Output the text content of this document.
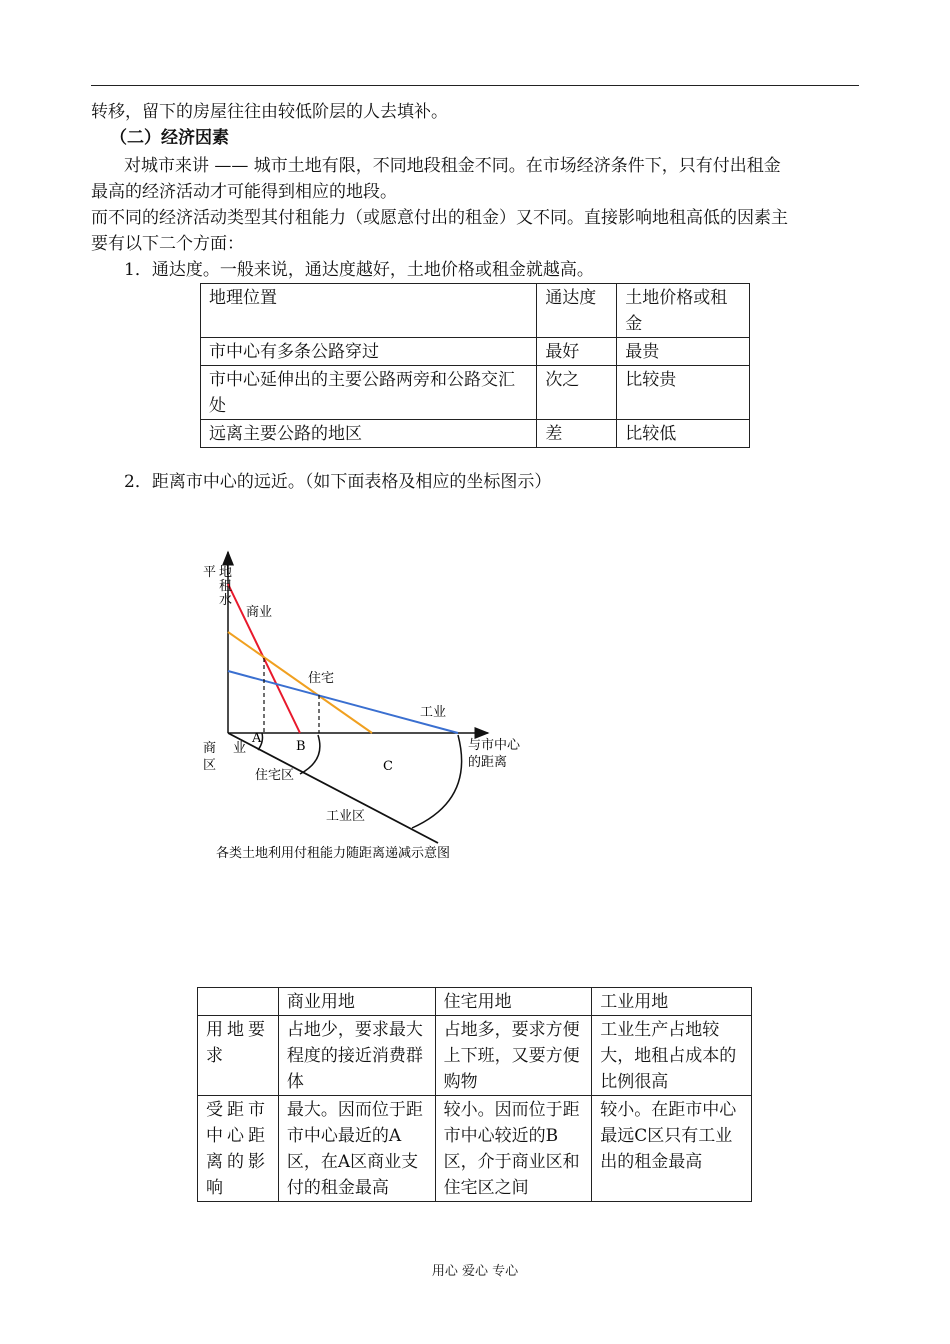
转移，留下的房屋往往由较低阶层的人去填补。
（二）经济因素
对城市来讲 —— 城市土地有限，不同地段租金不同。在市场经济条件下，只有付出租金
最高的经济活动才可能得到相应的地段。
而不同的经济活动类型其付租能力（或愿意付出的租金）又不同。直接影响地租高低的因素主
要有以下二个方面：
1．通达度。一般来说，通达度越好，土地价格或租金就越高。
地理位置	通达度	土地价格或租金
市中心有多条公路穿过	最好	最贵
市中心延伸出的主要公路两旁和公路交汇处	次之	比较贵
远离主要公路的地区	差	比较低
2．距离市中心的远近。（如下面表格及相应的坐标图示）
平 地 租水
商业
住宅
工业
与市中心
的距离
A
B
C
商 业
区
住宅区
工业区
各类土地利用付租能力随距离递减示意图
	商业用地	住宅用地	工业用地
用地要求	占地少，要求最大程度的接近消费群体	占地多，要求方便上下班，又要方便购物	工业生产占地较大，地租占成本的比例很高
受距市中心距离的影响	最大。因而位于距市中心最近的A区，在A区商业支付的租金最高	较小。因而位于距市中心较近的B区，介于商业区和住宅区之间	较小。在距市中心最远C区只有工业出的租金最高
用心 爱心 专心
